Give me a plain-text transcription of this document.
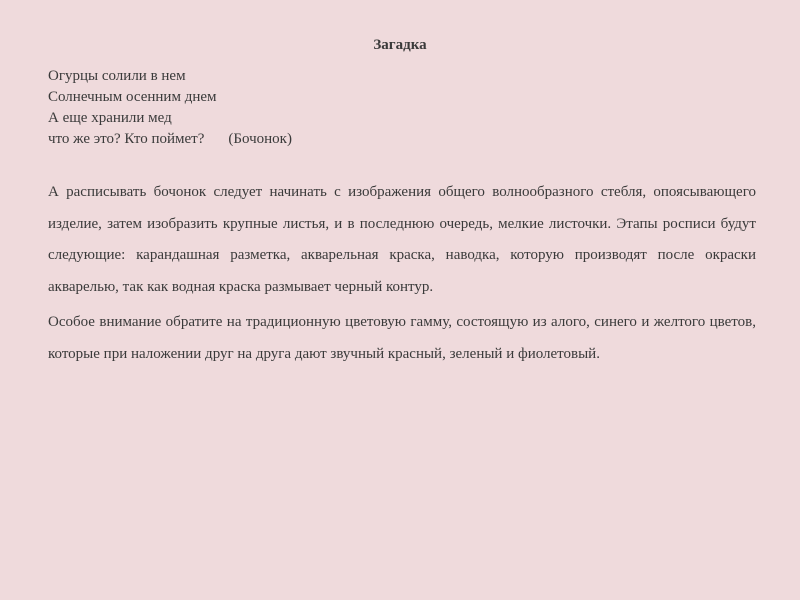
Загадка
Огурцы солили в нем
Солнечным осенним днем
А еще хранили мед
что же это? Кто поймет? (Бочонок)

А расписывать бочонок следует начинать с изображения общего волнообразного стебля, опоясывающего изделие, затем изобразить крупные листья, и в последнюю очередь, мелкие листочки. Этапы росписи будут следующие: карандашная разметка, акварельная краска, наводка, которую производят после окраски акварелью, так как водная краска размывает черный контур.

Особое внимание обратите на традиционную цветовую гамму, состоящую из алого, синего и желтого цветов, которые при наложении друг на друга дают звучный красный, зеленый и фиолетовый.
